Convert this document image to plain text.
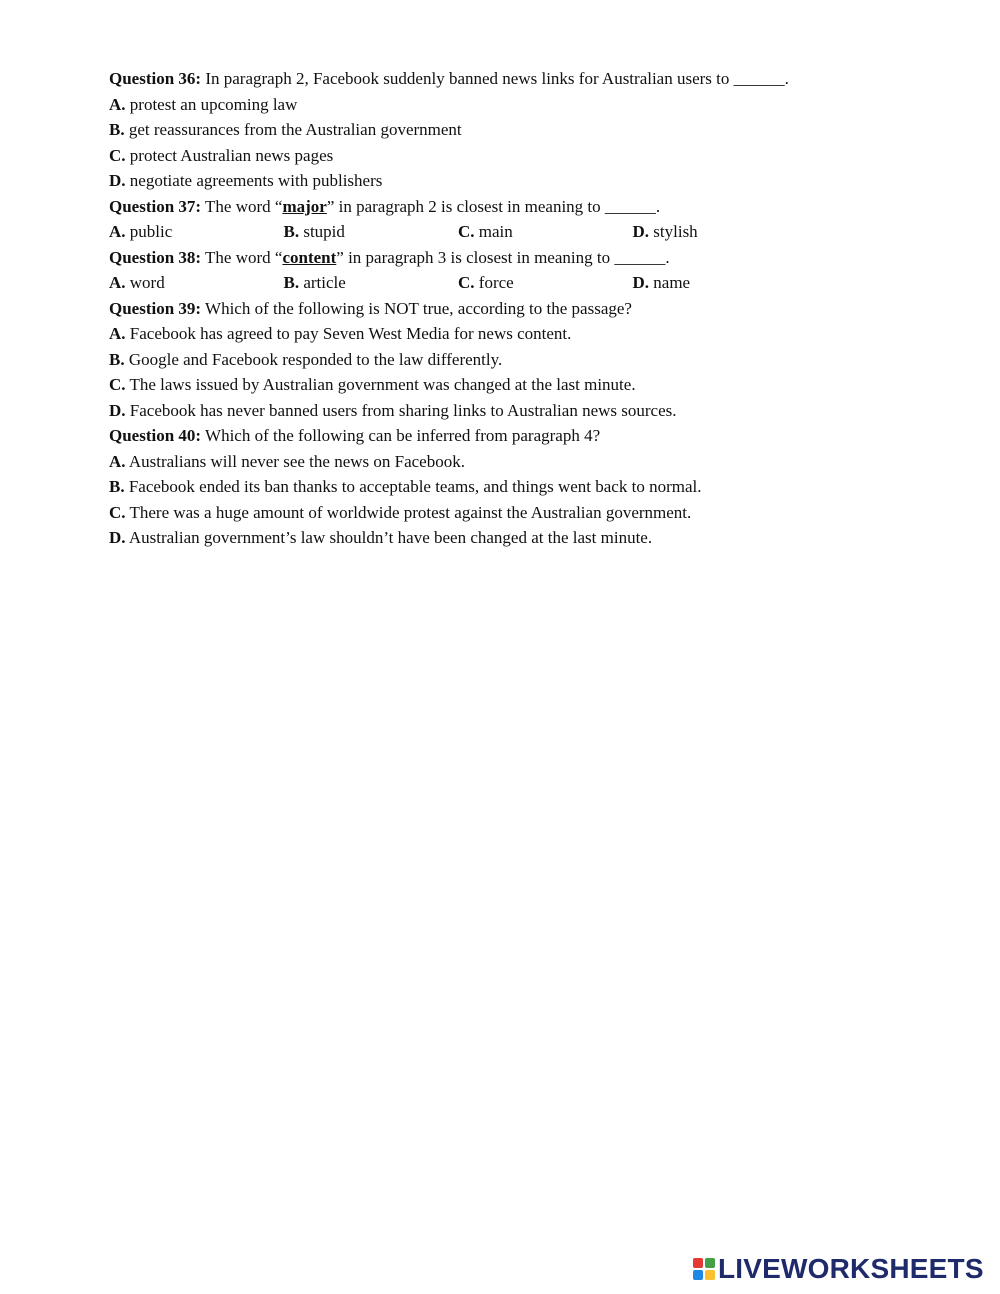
Question 36: In paragraph 2, Facebook suddenly banned news links for Australian users to ______.
A. protest an upcoming law
B. get reassurances from the Australian government
C. protect Australian news pages
D. negotiate agreements with publishers
Question 37: The word “major” in paragraph 2 is closest in meaning to ______.
A. public	B. stupid	C. main	D. stylish
Question 38: The word “content” in paragraph 3 is closest in meaning to ______.
A. word	B. article	C. force	D. name
Question 39: Which of the following is NOT true, according to the passage?
A. Facebook has agreed to pay Seven West Media for news content.
B. Google and Facebook responded to the law differently.
C. The laws issued by Australian government was changed at the last minute.
D. Facebook has never banned users from sharing links to Australian news sources.
Question 40: Which of the following can be inferred from paragraph 4?
A. Australians will never see the news on Facebook.
B. Facebook ended its ban thanks to acceptable teams, and things went back to normal.
C. There was a huge amount of worldwide protest against the Australian government.
D. Australian government’s law shouldn’t have been changed at the last minute.
LIVEWORKSHEETS
